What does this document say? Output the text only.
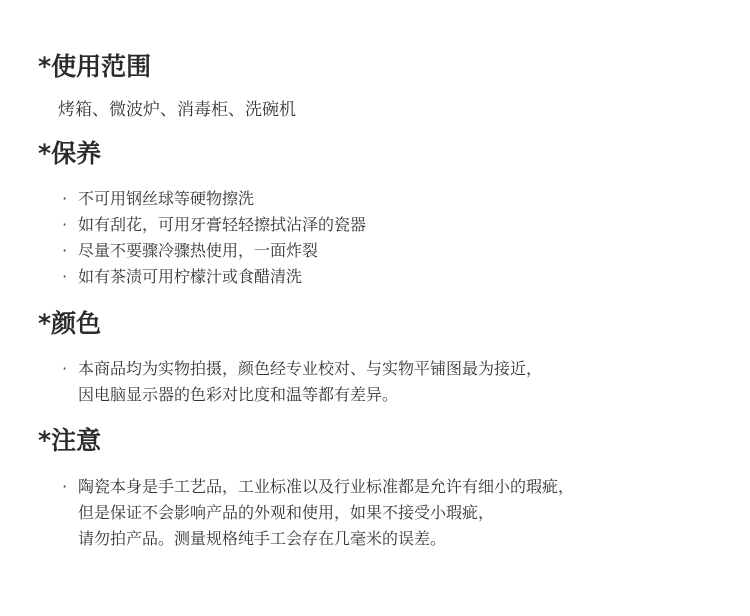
*使用范围
烤箱、微波炉、消毒柜、洗碗机
*保养
· 不可用钢丝球等硬物擦洗
· 如有刮花，可用牙膏轻轻擦拭沾泽的瓷器
· 尽量不要骤冷骤热使用，一面炸裂
· 如有茶渍可用柠檬汁或食醋清洗
*颜色
· 本商品均为实物拍摄，颜色经专业校对、与实物平铺图最为接近，
因电脑显示器的色彩对比度和温等都有差异。
*注意
· 陶瓷本身是手工艺品，工业标准以及行业标准都是允许有细小的瑕疵，
但是保证不会影响产品的外观和使用，如果不接受小瑕疵，
请勿拍产品。测量规格纯手工会存在几毫米的误差。
